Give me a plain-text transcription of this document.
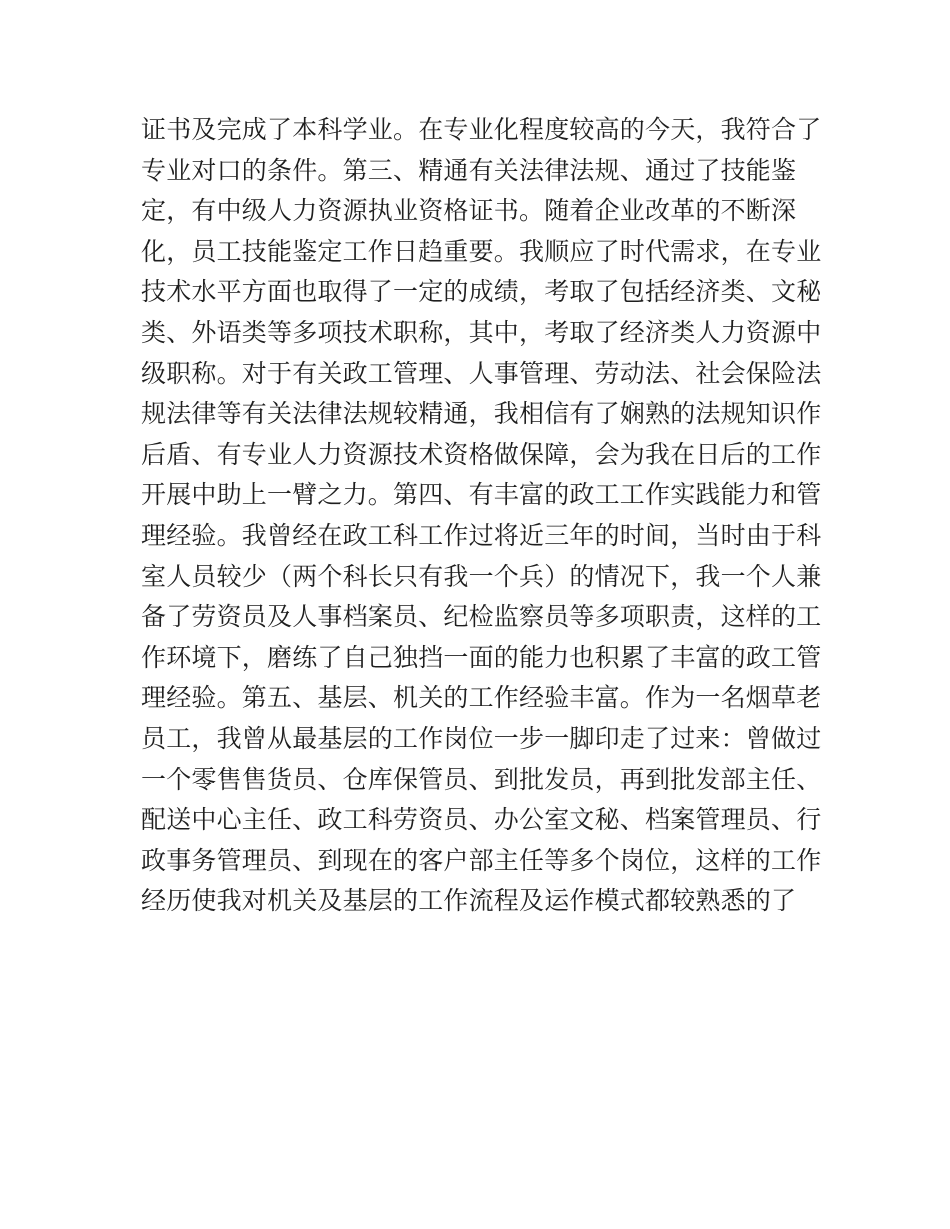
证书及完成了本科学业。在专业化程度较高的今天，我符合了
专业对口的条件。第三、精通有关法律法规、通过了技能鉴
定，有中级人力资源执业资格证书。随着企业改革的不断深
化，员工技能鉴定工作日趋重要。我顺应了时代需求，在专业
技术水平方面也取得了一定的成绩，考取了包括经济类、文秘
类、外语类等多项技术职称，其中，考取了经济类人力资源中
级职称。对于有关政工管理、人事管理、劳动法、社会保险法
规法律等有关法律法规较精通，我相信有了娴熟的法规知识作
后盾、有专业人力资源技术资格做保障，会为我在日后的工作
开展中助上一臂之力。第四、有丰富的政工工作实践能力和管
理经验。我曾经在政工科工作过将近三年的时间，当时由于科
室人员较少（两个科长只有我一个兵）的情况下，我一个人兼
备了劳资员及人事档案员、纪检监察员等多项职责，这样的工
作环境下，磨练了自己独挡一面的能力也积累了丰富的政工管
理经验。第五、基层、机关的工作经验丰富。作为一名烟草老
员工，我曾从最基层的工作岗位一步一脚印走了过来：曾做过
一个零售售货员、仓库保管员、到批发员，再到批发部主任、
配送中心主任、政工科劳资员、办公室文秘、档案管理员、行
政事务管理员、到现在的客户部主任等多个岗位，这样的工作
经历使我对机关及基层的工作流程及运作模式都较熟悉的了
